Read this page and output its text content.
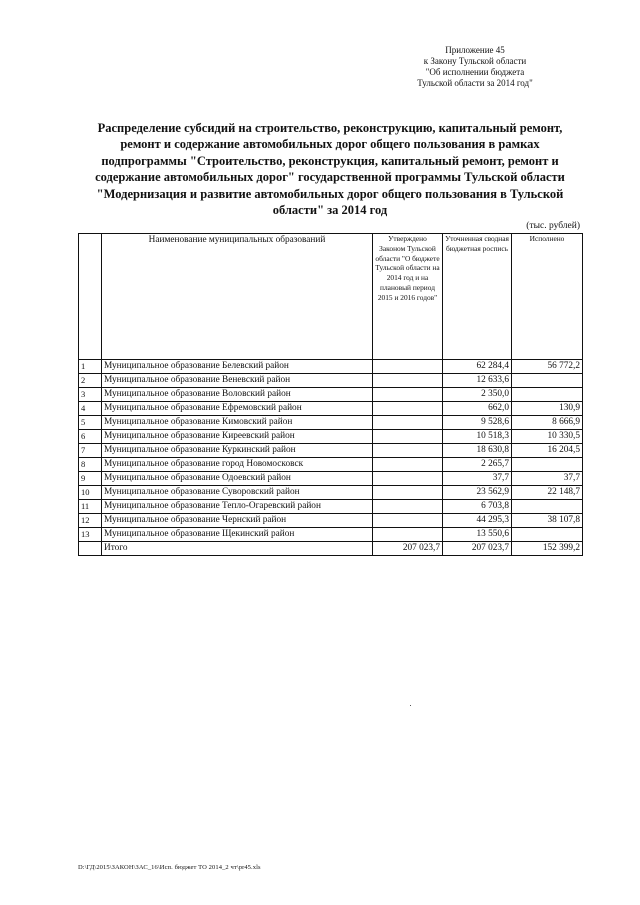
Приложение 45
к Закону Тульской области
"Об исполнении бюджета
Тульской области за 2014 год"
Распределение субсидий на строительство, реконструкцию, капитальный ремонт, ремонт и содержание автомобильных дорог общего пользования в рамках подпрограммы "Строительство, реконструкция, капитальный ремонт, ремонт и содержание автомобильных дорог" государственной программы Тульской области "Модернизация и развитие автомобильных дорог общего пользования в Тульской области" за 2014 год
(тыс. рублей)
	Наименование муниципальных образований	Утверждено Законом Тульской области "О бюджете Тульской области на 2014 год и на плановый период 2015 и 2016 годов"	Уточненная сводная бюджетная роспись	Исполнено
1	Муниципальное образование Белевский район		62 284,4	56 772,2
2	Муниципальное образование Веневский район		12 633,6	
3	Муниципальное образование Воловский район		2 350,0	
4	Муниципальное образование Ефремовский район		662,0	130,9
5	Муниципальное образование Кимовский район		9 528,6	8 666,9
6	Муниципальное образование Киреевский район		10 518,3	10 330,5
7	Муниципальное образование Куркинский район		18 630,8	16 204,5
8	Муниципальное образование город Новомосковск		2 265,7	
9	Муниципальное образование Одоевский район		37,7	37,7
10	Муниципальное образование Суворовский район		23 562,9	22 148,7
11	Муниципальное образование Тепло-Огаревский район		6 703,8	
12	Муниципальное образование Чернский район		44 295,3	38 107,8
13	Муниципальное образование Щекинский район		13 550,6	
	Итого	207 023,7	207 023,7	152 399,2
D:\ГД\2015\ЗАКОН\ЗАС_16\Исп. бюджет ТО 2014_2 чт\pr45.xls
